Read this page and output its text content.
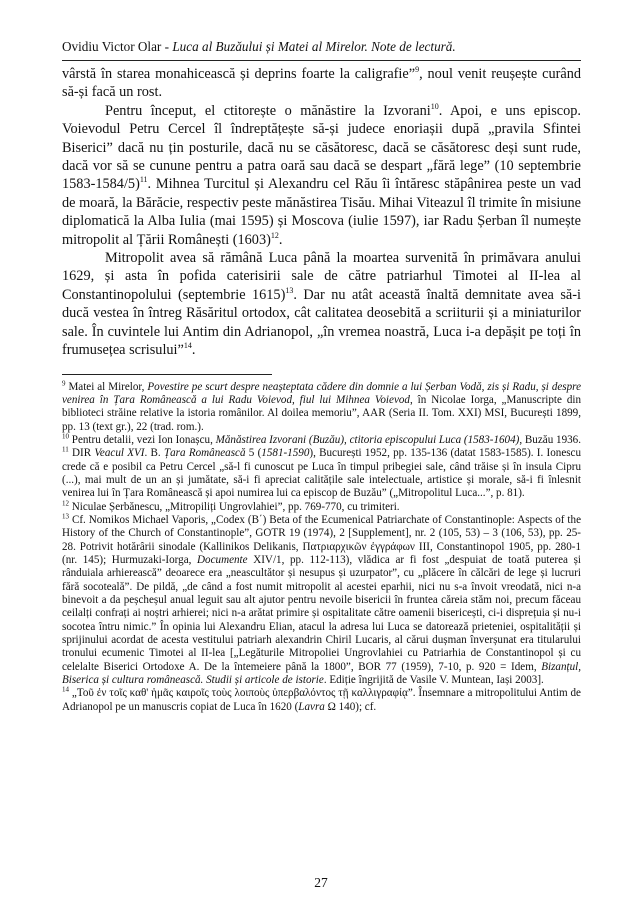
Ovidiu Victor Olar - Luca al Buzăului și Matei al Mirelor. Note de lectură.

vârstă în starea monahicească și deprins foarte la caligrafie”$^9$, noul venit reușește curând să-și facă un rost.

Pentru început, el ctitorește o mănăstire la Izvorani$^{10}$. Apoi, e uns episcop. Voievodul Petru Cercel îl îndreptățește să-și judece enoriașii după „pravila Sfintei Biserici” dacă nu țin posturile, dacă nu se căsătoresc, dacă se căsătoresc deși sunt rude, dacă vor să se cunune pentru a patra oară sau dacă se despart „fără lege” (10 septembrie 1583-1584/5)$^{11}$. Mihnea Turcitul și Alexandru cel Rău îi întăresc stăpânirea peste un vad de moară, la Bărăcie, respectiv peste mănăstirea Tisău. Mihai Viteazul îl trimite în misiune diplomatică la Alba Iulia (mai 1595) și Moscova (iulie 1597), iar Radu Șerban îl numește mitropolit al Țării Românești $(1603)^{12}$.

Mitropolit avea să rămână Luca până la moartea survenită în primăvara anului 1629, și asta în pofida caterisirii sale de către patriarhul Timotei al II-lea al Constantinopolului (septembrie 1615)$^{13}$. Dar nu atât această înaltă demnitate avea să-i ducă vestea în întreg Răsăritul ortodox, cât calitatea deosebită a scriiturii și a miniaturilor sale. În cuvintele lui Antim din Adrianopol, „în vremea noastră, Luca i-a depășit pe toți în frumusețea scrisului”$^{14}$.

$^9$ Matei al Mirelor, Povestire pe scurt despre neașteptata cădere din domnie a lui Șerban Vodă, zis și Radu, și despre venirea în Țara Românească a lui Radu Voievod, fiul lui Mihnea Voievod, în Nicolae Iorga, „Manuscripte din biblioteci străine relative la istoria românilor. Al doilea memoriu”, AAR (Seria II. Tom. XXI) MSI, București 1899, pp. 13 (text gr.), 22 (trad. rom.).

$^{10}$ Pentru detalii, vezi Ion Ionașcu, Mănăstirea Izvorani (Buzău), ctitoria episcopului Luca (1583-1604), Buzău 1936.

$^{11}$ DIR Veacul XVI. B. Țara Românească 5 (1581-1590), București 1952, pp. 135-136 (datat 1583-1585). I. Ionescu crede că e posibil ca Petru Cercel „să-l fi cunoscut pe Luca în timpul pribegiei sale, când trăise și în insula Cipru (...), mai mult de un an și jumătate, să-i fi apreciat calitățile sale intelectuale, artistice și morale, să-i fi înlesnit venirea lui în Țara Românească și apoi numirea lui ca episcop de Buzău” („Mitropolitul Luca...”, p. 81).

$^{12}$ Niculae Șerbănescu, „Mitropiliți Ungrovlahiei”, pp. 769-770, cu trimiteri.

$^{13}$ Cf. Nomikos Michael Vaporis, „Codex (Β΄) Beta of the Ecumenical Patriarchate of Constantinople: Aspects of the History of the Church of Constantinople”, GOTR 19 (1974), 2 [Supplement], nr. 2 (105, 53) – 3 (106, 53), pp. 25-28. Potrivit hotărârii sinodale (Kallinikos Delikanis, Πατριαρχικῶν ἐγγράφων III, Constantinopol 1905, pp. 280-1 (nr. 145); Hurmuzaki-Iorga, Documente XIV/1, pp. 112-113), vlădica ar fi fost „despuiat de toată puterea și rânduiala arhierească” deoarece era „neascultător și nesupus și uzurpator”, cu „plăcere în călcări de lege și lucruri fără socoteală”. De pildă, „de când a fost numit mitropolit al acestei eparhii, nici nu s-a învoit vreodată, nici n-a binevoit a da peșcheșul anual leguit sau alt ajutor pentru nevoile bisericii în fruntea căreia stăm noi, precum făceau ceilalți confrați ai noștri arhierei; nici n-a arătat primire și ospitalitate către oamenii bisericești, ci-i disprețuia și nu-i socotea întru nimic.” În opinia lui Alexandru Elian, atacul la adresa lui Luca se datorează prieteniei, ospitalității și sprijinului acordat de acesta vestitului patriarh alexandrin Chiril Lucaris, al cărui dușman înverșunat era titularului tronului ecumenic Timotei al II-lea [„Legăturile Mitropoliei Ungrovlahiei cu Patriarhia de Constantinopol și cu celelalte Biserici Ortodoxe A. De la întemeiere până la 1800”, BOR 77 (1959), 7-10, p. 920 = Idem, Bizanțul, Biserica și cultura românească. Studii și articole de istorie. Ediție îngrijită de Vasile V. Muntean, Iași 2003].

$^{14}$ „Τοῦ ἐν τοῖς καθ' ἡμᾶς καιροῖς τοὺς λοιποὺς ὑπερβαλόντος τῇ καλλιγραφίᾳ”. Însemnare a mitropolitului Antim de Adrianopol pe un manuscris copiat de Luca în 1620 (Lavra Ω 140); cf.

27
